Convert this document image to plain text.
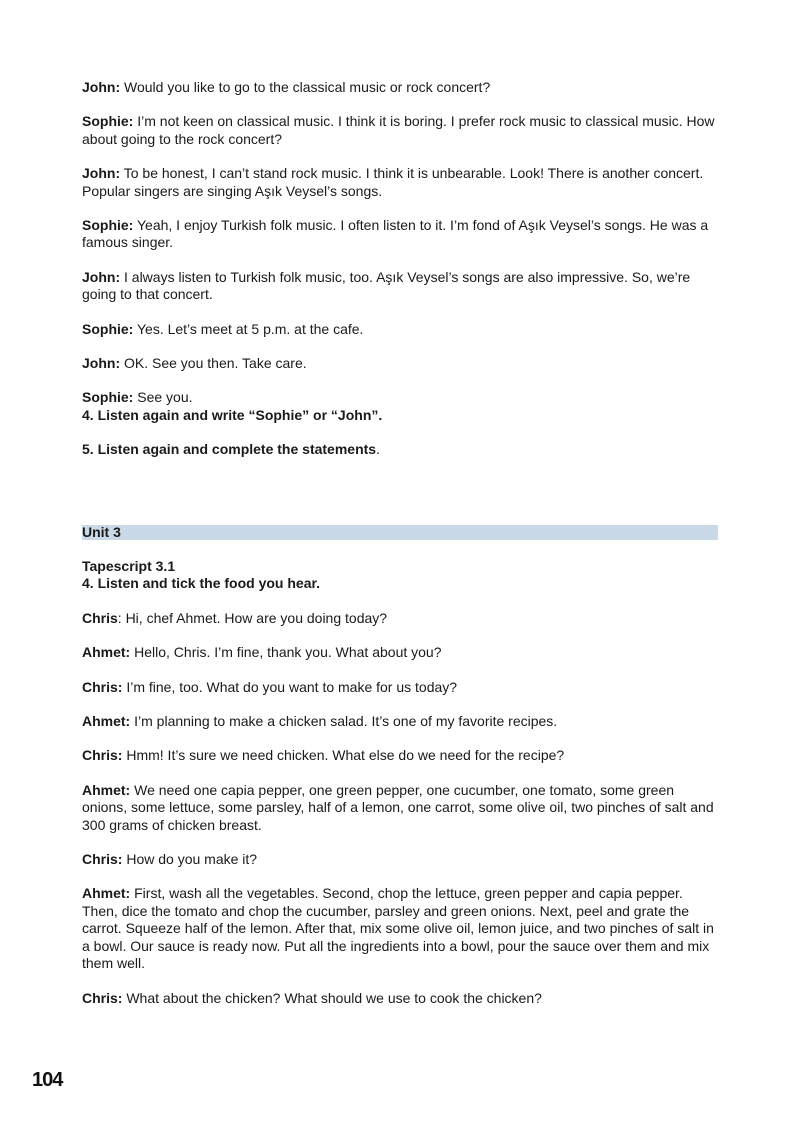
John: Would you like to go to the classical music or rock concert?

Sophie: I’m not keen on classical music. I think it is boring. I prefer rock music to classical music. How about going to the rock concert?

John: To be honest, I can’t stand rock music. I think it is unbearable. Look! There is another concert. Popular singers are singing Aşık Veysel’s songs.

Sophie: Yeah, I enjoy Turkish folk music. I often listen to it. I’m fond of Aşık Veysel’s songs. He was a famous singer.

John: I always listen to Turkish folk music, too. Aşık Veysel’s songs are also impressive. So, we’re going to that concert.

Sophie: Yes. Let’s meet at 5 p.m. at the cafe.

John: OK. See you then. Take care.

Sophie: See you.

4. Listen again and write “Sophie” or “John”.

5. Listen again and complete the statements.

Unit 3

Tapescript 3.1

4. Listen and tick the food you hear.

Chris: Hi, chef Ahmet. How are you doing today?

Ahmet: Hello, Chris. I’m fine, thank you. What about you?

Chris: I’m fine, too. What do you want to make for us today?

Ahmet: I’m planning to make a chicken salad. It’s one of my favorite recipes.

Chris: Hmm! It’s sure we need chicken. What else do we need for the recipe?

Ahmet: We need one capia pepper, one green pepper, one cucumber, one tomato, some green onions, some lettuce, some parsley, half of a lemon, one carrot, some olive oil, two pinches of salt and 300 grams of chicken breast.

Chris: How do you make it?

Ahmet: First, wash all the vegetables. Second, chop the lettuce, green pepper and capia pepper. Then, dice the tomato and chop the cucumber, parsley and green onions. Next, peel and grate the carrot. Squeeze half of the lemon. After that, mix some olive oil, lemon juice, and two pinches of salt in a bowl. Our sauce is ready now. Put all the ingredients into a bowl, pour the sauce over them and mix them well.

Chris: What about the chicken? What should we use to cook the chicken?

104
